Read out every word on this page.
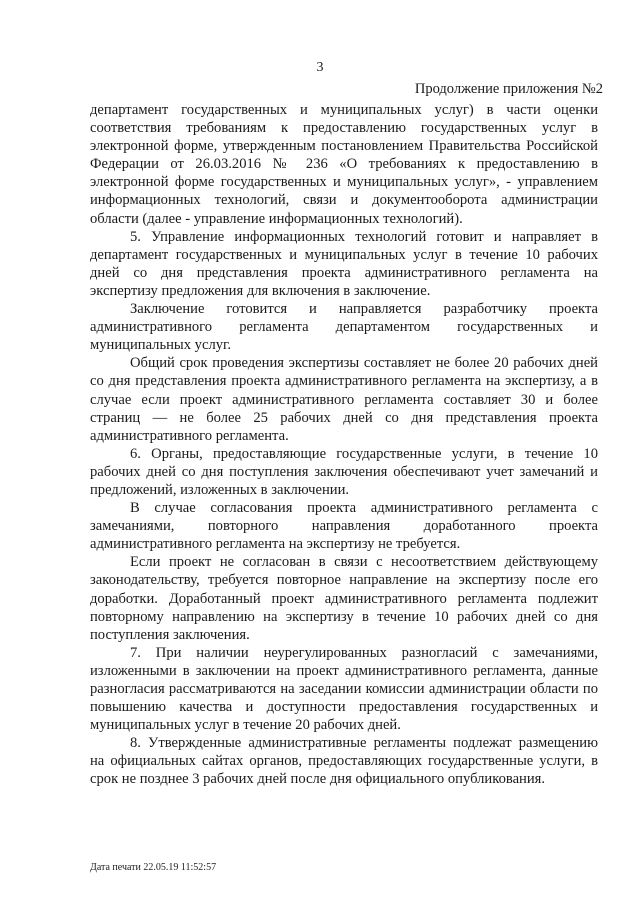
3
Продолжение приложения №2

департамент государственных и муниципальных услуг) в части оценки соответствия требованиям к предоставлению государственных услуг в электронной форме, утвержденным постановлением Правительства Российской Федерации от 26.03.2016 № 236 «О требованиях к предоставлению в электронной форме государственных и муниципальных услуг», - управлением информационных технологий, связи и документооборота администрации области (далее - управление информационных технологий).

5. Управление информационных технологий готовит и направляет в департамент государственных и муниципальных услуг в течение 10 рабочих дней со дня представления проекта административного регламента на экспертизу предложения для включения в заключение.

Заключение готовится и направляется разработчику проекта административного регламента департаментом государственных и муниципальных услуг.

Общий срок проведения экспертизы составляет не более 20 рабочих дней со дня представления проекта административного регламента на экспертизу, а в случае если проект административного регламента составляет 30 и более страниц — не более 25 рабочих дней со дня представления проекта административного регламента.

6. Органы, предоставляющие государственные услуги, в течение 10 рабочих дней со дня поступления заключения обеспечивают учет замечаний и предложений, изложенных в заключении.

В случае согласования проекта административного регламента с замечаниями, повторного направления доработанного проекта административного регламента на экспертизу не требуется.

Если проект не согласован в связи с несоответствием действующему законодательству, требуется повторное направление на экспертизу после его доработки. Доработанный проект административного регламента подлежит повторному направлению на экспертизу в течение 10 рабочих дней со дня поступления заключения.

7. При наличии неурегулированных разногласий с замечаниями, изложенными в заключении на проект административного регламента, данные разногласия рассматриваются на заседании комиссии администрации области по повышению качества и доступности предоставления государственных и муниципальных услуг в течение 20 рабочих дней.

8. Утвержденные административные регламенты подлежат размещению на официальных сайтах органов, предоставляющих государственные услуги, в срок не позднее 3 рабочих дней после дня официального опубликования.

Дата печати 22.05.19 11:52:57
